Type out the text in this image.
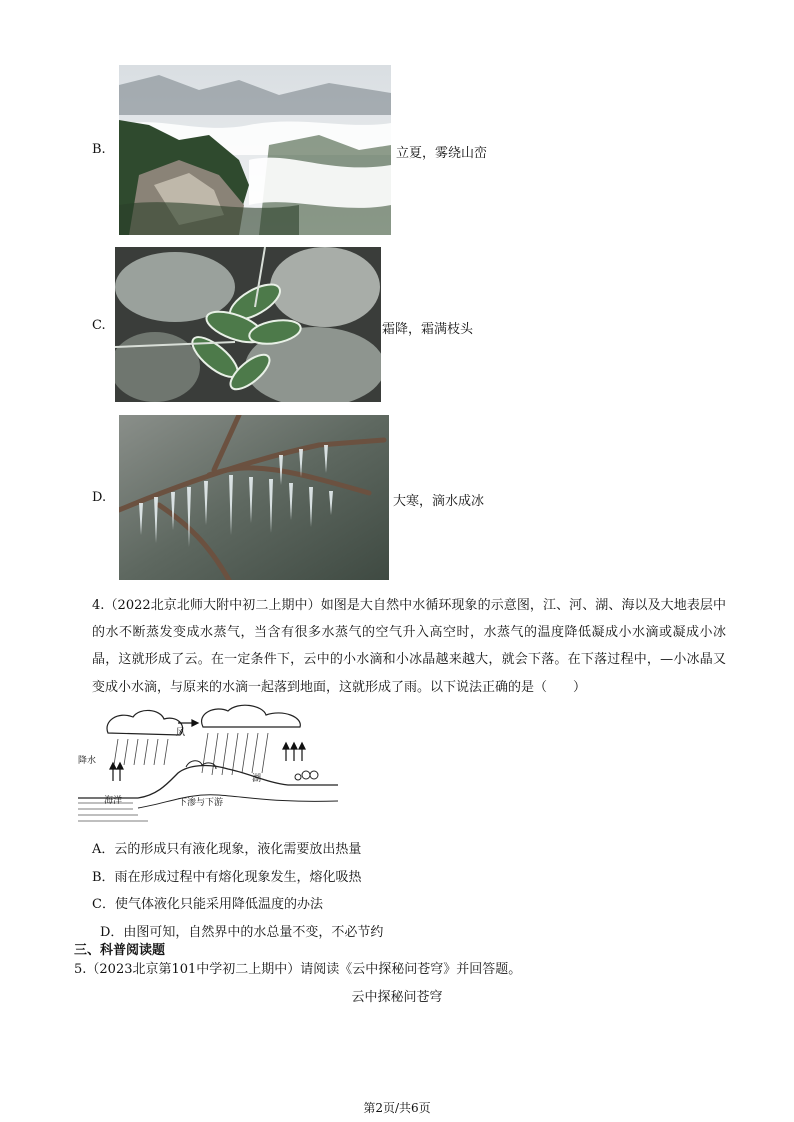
B.	立夏，雾绕山峦
C.	霜降，霜满枝头
D.	大寒，滴水成冰
4.（2022北京北师大附中初二上期中）如图是大自然中水循环现象的示意图，江、河、湖、海以及大地表层中的水不断蒸发变成水蒸气，当含有很多水蒸气的空气升入高空时，水蒸气的温度降低凝成小水滴或凝成小冰晶，这就形成了云。在一定条件下，云中的小水滴和小冰晶越来越大，就会下落。在下落过程中，—小冰晶又变成小水滴，与原来的水滴一起落到地面，这就形成了雨。以下说法正确的是（　　）
降水
风
海洋	下渗与下游
湖
A．云的形成只有液化现象，液化需要放出热量
B．雨在形成过程中有熔化现象发生，熔化吸热
C．使气体液化只能采用降低温度的办法
D．由图可知，自然界中的水总量不变，不必节约
三、科普阅读题
5.（2023北京第101中学初二上期中）请阅读《云中探秘问苍穹》并回答题。
云中探秘问苍穹
第2页/共6页
